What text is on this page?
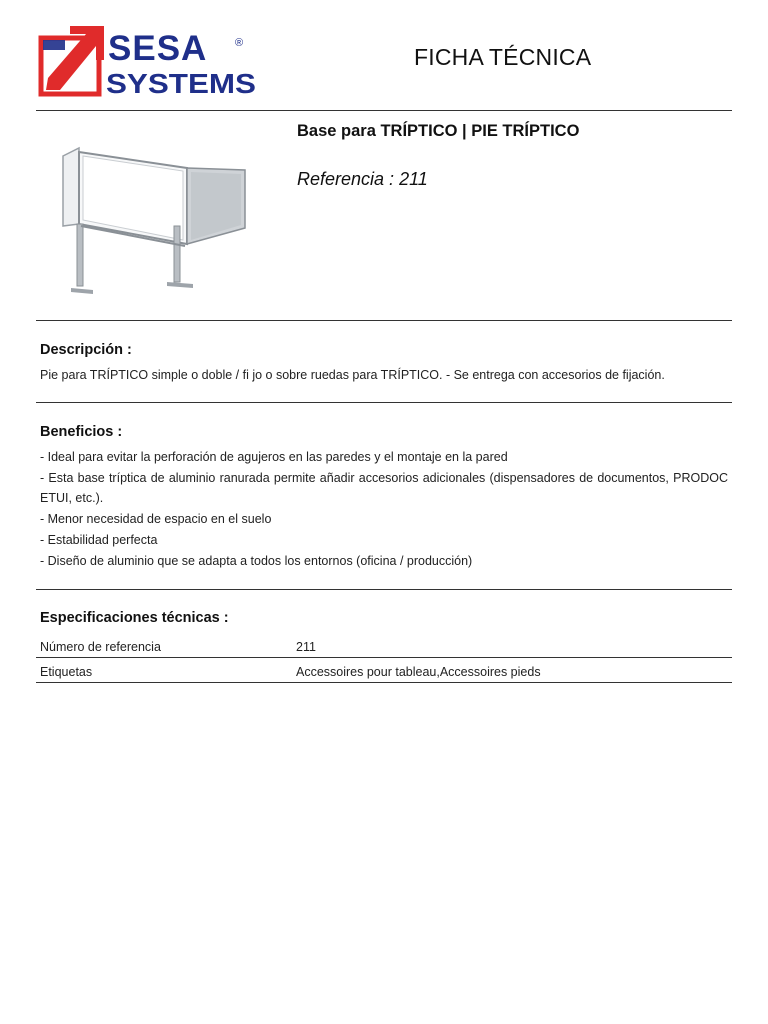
SESA	®
SYSTEMS
FICHA TÉCNICA
Base para TRÍPTICO | PIE TRÍPTICO
Referencia : 211
Descripción :
Pie para TRÍPTICO simple o doble / fi jo o sobre ruedas para TRÍPTICO. - Se entrega con accesorios de fijación.
Beneficios :
- Ideal para evitar la perforación de agujeros en las paredes y el montaje en la pared
- Esta base tríptica de aluminio ranurada permite añadir accesorios adicionales (dispensadores de documentos, PRODOC ETUI, etc.).
- Menor necesidad de espacio en el suelo
- Estabilidad perfecta
- Diseño de aluminio que se adapta a todos los entornos (oficina / producción)
Especificaciones técnicas :
Número de referencia	211
Etiquetas	Accessoires pour tableau,Accessoires pieds
